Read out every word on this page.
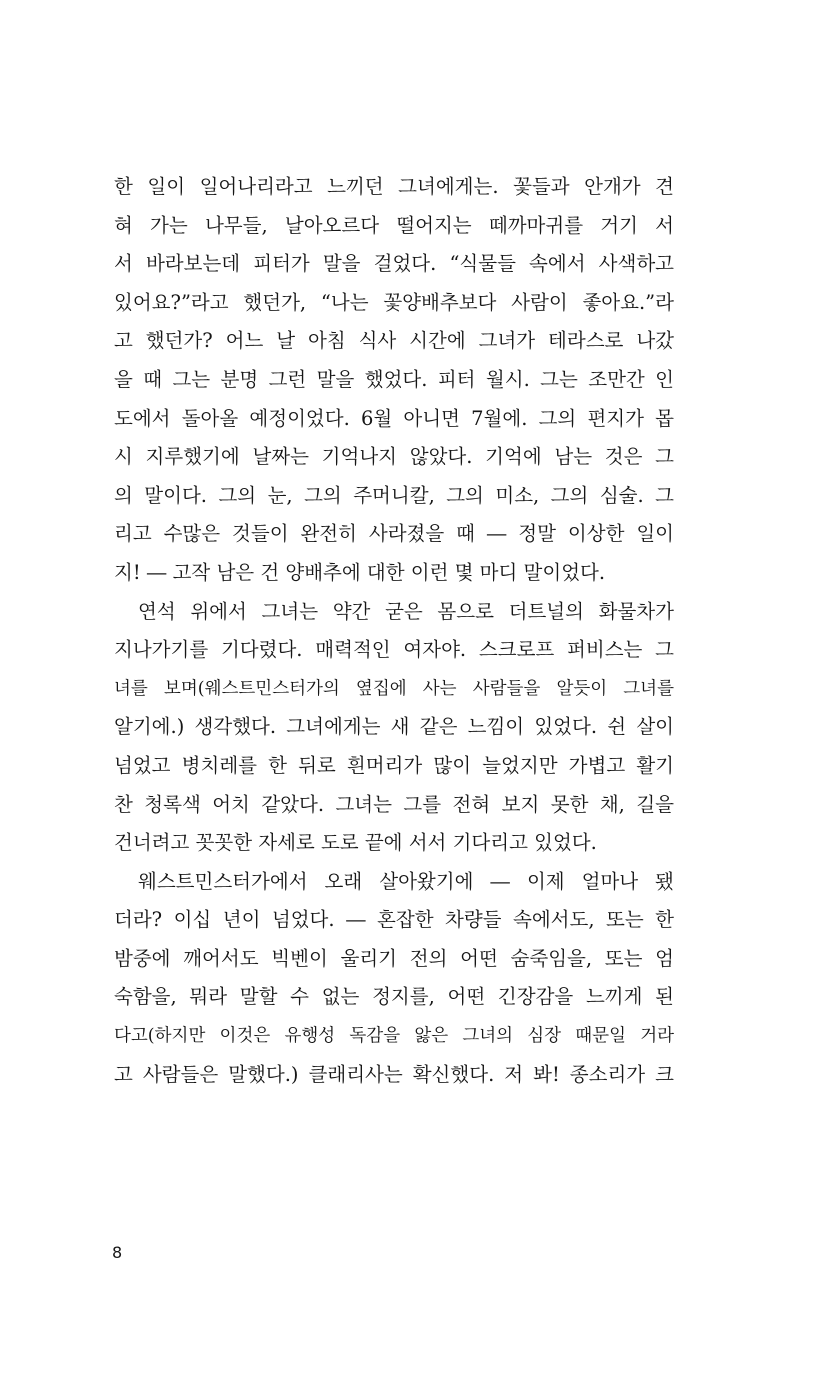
한 일이 일어나리라고 느끼던 그녀에게는. 꽃들과 안개가 견
혀 가는 나무들, 날아오르다 떨어지는 떼까마귀를 거기 서
서 바라보는데 피터가 말을 걸었다. “식물들 속에서 사색하고
있어요?”라고 했던가, “나는 꽃양배추보다 사람이 좋아요.”라
고 했던가? 어느 날 아침 식사 시간에 그녀가 테라스로 나갔
을 때 그는 분명 그런 말을 했었다. 피터 월시. 그는 조만간 인
도에서 돌아올 예정이었다. 6월 아니면 7월에. 그의 편지가 몹
시 지루했기에 날짜는 기억나지 않았다. 기억에 남는 것은 그
의 말이다. 그의 눈, 그의 주머니칼, 그의 미소, 그의 심술. 그
리고 수많은 것들이 완전히 사라졌을 때 ― 정말 이상한 일이
지! ― 고작 남은 건 양배추에 대한 이런 몇 마디 말이었다.
연석 위에서 그녀는 약간 굳은 몸으로 더트널의 화물차가
지나가기를 기다렸다. 매력적인 여자야. 스크로프 퍼비스는 그
녀를 보며(웨스트민스터가의 옆집에 사는 사람들을 알듯이 그녀를
알기에.) 생각했다. 그녀에게는 새 같은 느낌이 있었다. 쉰 살이
넘었고 병치레를 한 뒤로 흰머리가 많이 늘었지만 가볍고 활기
찬 청록색 어치 같았다. 그녀는 그를 전혀 보지 못한 채, 길을
건너려고 꼿꼿한 자세로 도로 끝에 서서 기다리고 있었다.
웨스트민스터가에서 오래 살아왔기에 ― 이제 얼마나 됐
더라? 이십 년이 넘었다. ― 혼잡한 차량들 속에서도, 또는 한
밤중에 깨어서도 빅벤이 울리기 전의 어떤 숨죽임을, 또는 엄
숙함을, 뭐라 말할 수 없는 정지를, 어떤 긴장감을 느끼게 된
다고(하지만 이것은 유행성 독감을 앓은 그녀의 심장 때문일 거라
고 사람들은 말했다.) 클래리사는 확신했다. 저 봐! 종소리가 크
8
